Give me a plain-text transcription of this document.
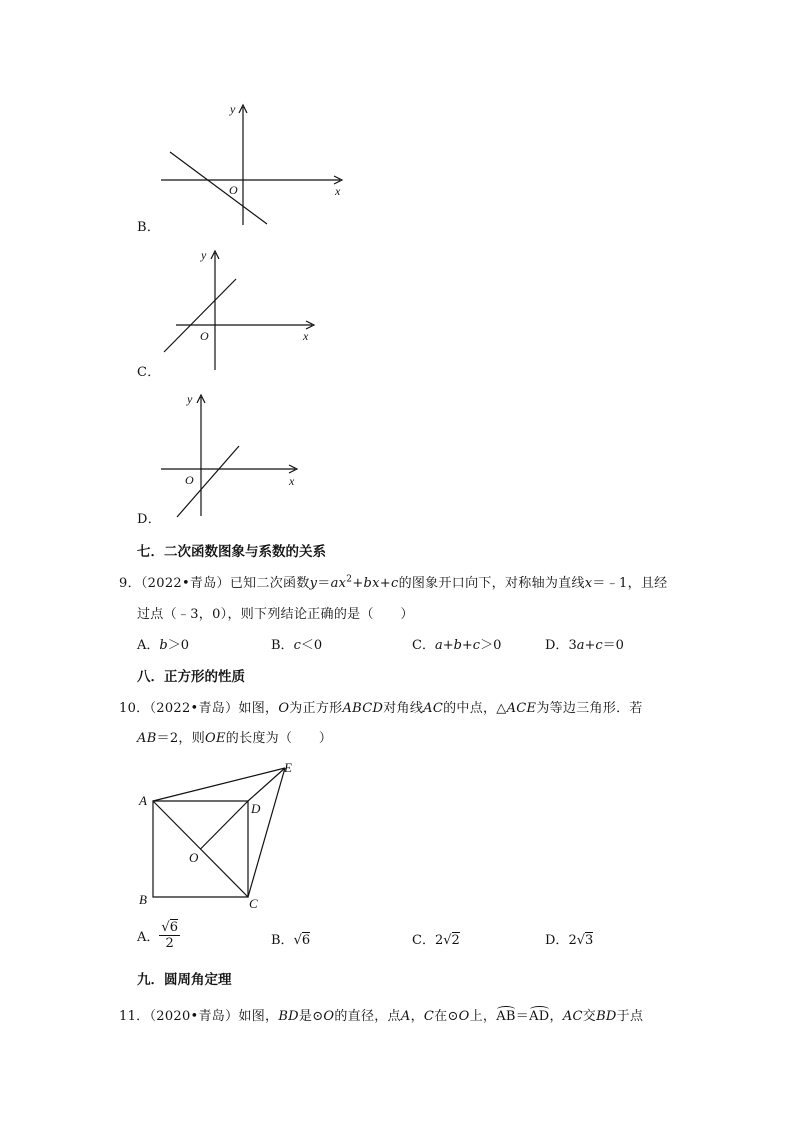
x
y
O
B．
x
y
O
C．
x
y
O
D．
七．二次函数图象与系数的关系
9．（2022•青岛）已知二次函数$y=ax^2+bx+c$的图象开口向下，对称轴为直线x＝﹣1，且经
过点（﹣3，0），则下列结论正确的是（　　）
A．b＞0	B．c＜0	C．a+b+c＞0	D．3a+c＝0
八．正方形的性质
10．（2022•青岛）如图，O为正方形ABCD对角线AC的中点，△ACE为等边三角形．若
AB＝2，则OE的长度为（　　）
A
B	C
D
E
O
A． $\frac{√6}{2}$	B．√6	C．2√2	D．2√3
九．圆周角定理
11．（2020•青岛）如图，BD是⊙O的直径，点A，C在⊙O上，AB＝AD，AC交BD于点
